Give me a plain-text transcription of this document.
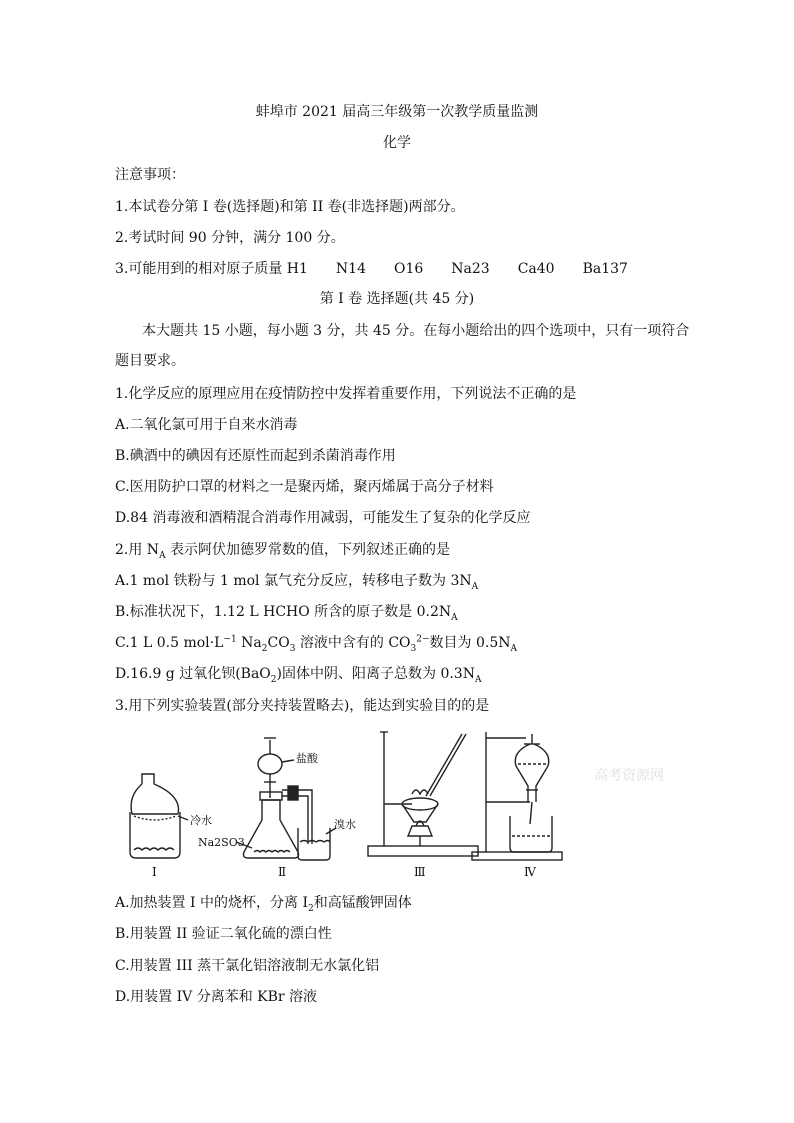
蚌埠市 2021 届高三年级第一次教学质量监测
化学
注意事项：
1.本试卷分第 I 卷(选择题)和第 II 卷(非选择题)两部分。
2.考试时间 90 分钟，满分 100 分。
3.可能用到的相对原子质量 H1　　N14　　O16　　Na23　　Ca40　　Ba137
第 I 卷 选择题(共 45 分)
本大题共 15 小题，每小题 3 分，共 45 分。在每小题给出的四个选项中，只有一项符合
题目要求。
1.化学反应的原理应用在疫情防控中发挥着重要作用，下列说法不正确的是
A.二氧化氯可用于自来水消毒
B.碘酒中的碘因有还原性而起到杀菌消毒作用
C.医用防护口罩的材料之一是聚丙烯，聚丙烯属于高分子材料
D.84 消毒液和酒精混合消毒作用减弱，可能发生了复杂的化学反应
2.用 $N_A$ 表示阿伏加德罗常数的值，下列叙述正确的是
A.1 mol 铁粉与 1 mol 氯气充分反应，转移电子数为 $3N_A$
B.标准状况下，1.12 L HCHO 所含的原子数是 $0.2N_A$
C.1 L 0.5 $mol\cdot L^{-1}$ $Na_2CO_3$ 溶液中含有的 $CO_3^{2-}$数目为 $0.5N_A$
D.16.9 g 过氧化钡(BaO$_2$)固体中阴、阳离子总数为 $0.3N_A$
3.用下列实验装置(部分夹持装置略去)，能达到实验目的的是
冷水
I
盐酸
溴水
Na2SO3
Ⅱ	Ⅲ	Ⅳ
高考资源网
A.加热装置 I 中的烧杯，分离 $I_2$和高锰酸钾固体
B.用装置 II 验证二氧化硫的漂白性
C.用装置 III 蒸干氯化铝溶液制无水氯化铝
D.用装置 IV 分离苯和 KBr 溶液
